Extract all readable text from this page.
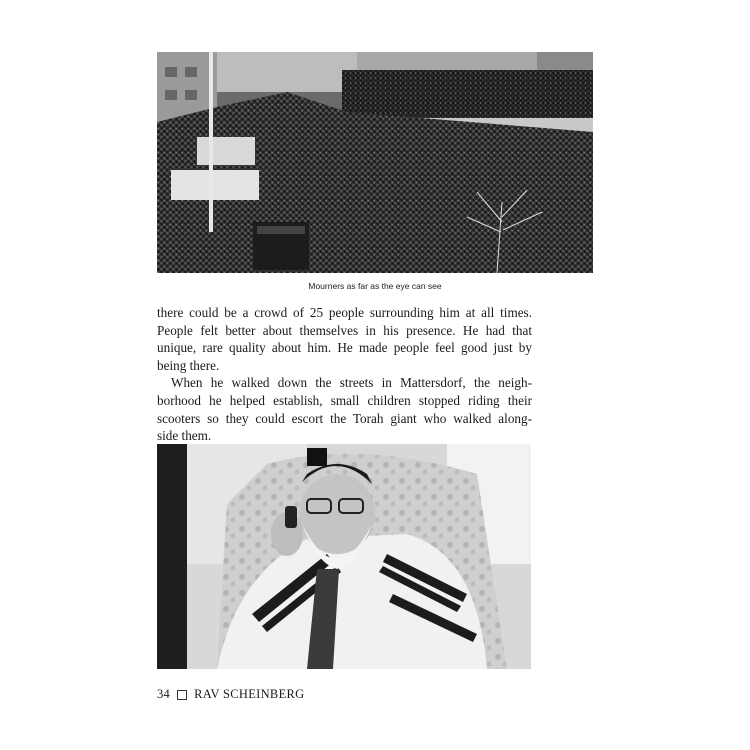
Mourners as far as the eye can see

there could be a crowd of 25 people surrounding him at all times.
People felt better about themselves in his presence. He had that
unique, rare quality about him. He made people feel good just by
being there.

When he walked down the streets in Mattersdorf, the neigh-
borhood he helped establish, small children stopped riding their
scooters so they could escort the Torah giant who walked along-
side them.

34 RAV SCHEINBERG
